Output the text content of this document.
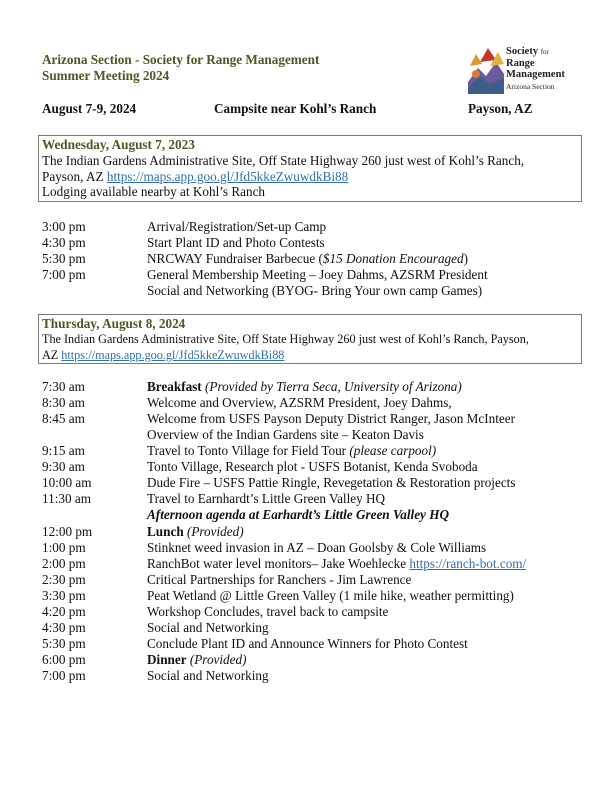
Arizona Section - Society for Range Management
Summer Meeting 2024
Society for
Range
Management
Arizona Section
August 7-9, 2024	Campsite near Kohl’s Ranch	Payson, AZ
Wednesday, August 7, 2023
The Indian Gardens Administrative Site, Off State Highway 260 just west of Kohl’s Ranch,
Payson, AZ https://maps.app.goo.gl/Jfd5kkeZwuwdkBi88
Lodging available nearby at Kohl’s Ranch
3:00 pm	Arrival/Registration/Set-up Camp
4:30 pm	Start Plant ID and Photo Contests
5:30 pm	NRCWAY Fundraiser Barbecue ($15 Donation Encouraged)
7:00 pm	General Membership Meeting – Joey Dahms, AZSRM President
Social and Networking (BYOG- Bring Your own camp Games)
Thursday, August 8, 2024
The Indian Gardens Administrative Site, Off State Highway 260 just west of Kohl’s Ranch, Payson,
AZ https://maps.app.goo.gl/Jfd5kkeZwuwdkBi88
7:30 am	Breakfast (Provided by Tierra Seca, University of Arizona)
8:30 am	Welcome and Overview, AZSRM President, Joey Dahms,
8:45 am	Welcome from USFS Payson Deputy District Ranger, Jason McInteer
Overview of the Indian Gardens site – Keaton Davis
9:15 am	Travel to Tonto Village for Field Tour (please carpool)
9:30 am	Tonto Village, Research plot - USFS Botanist, Kenda Svoboda
10:00 am	Dude Fire – USFS Pattie Ringle, Revegetation & Restoration projects
11:30 am	Travel to Earnhardt’s Little Green Valley HQ
Afternoon agenda at Earhardt’s Little Green Valley HQ
12:00 pm	Lunch (Provided)
1:00 pm	Stinknet weed invasion in AZ – Doan Goolsby & Cole Williams
2:00 pm	RanchBot water level monitors– Jake Woehlecke https://ranch-bot.com/
2:30 pm	Critical Partnerships for Ranchers - Jim Lawrence
3:30 pm	Peat Wetland @ Little Green Valley (1 mile hike, weather permitting)
4:20 pm	Workshop Concludes, travel back to campsite
4:30 pm	Social and Networking
5:30 pm	Conclude Plant ID and Announce Winners for Photo Contest
6:00 pm	Dinner (Provided)
7:00 pm	Social and Networking
